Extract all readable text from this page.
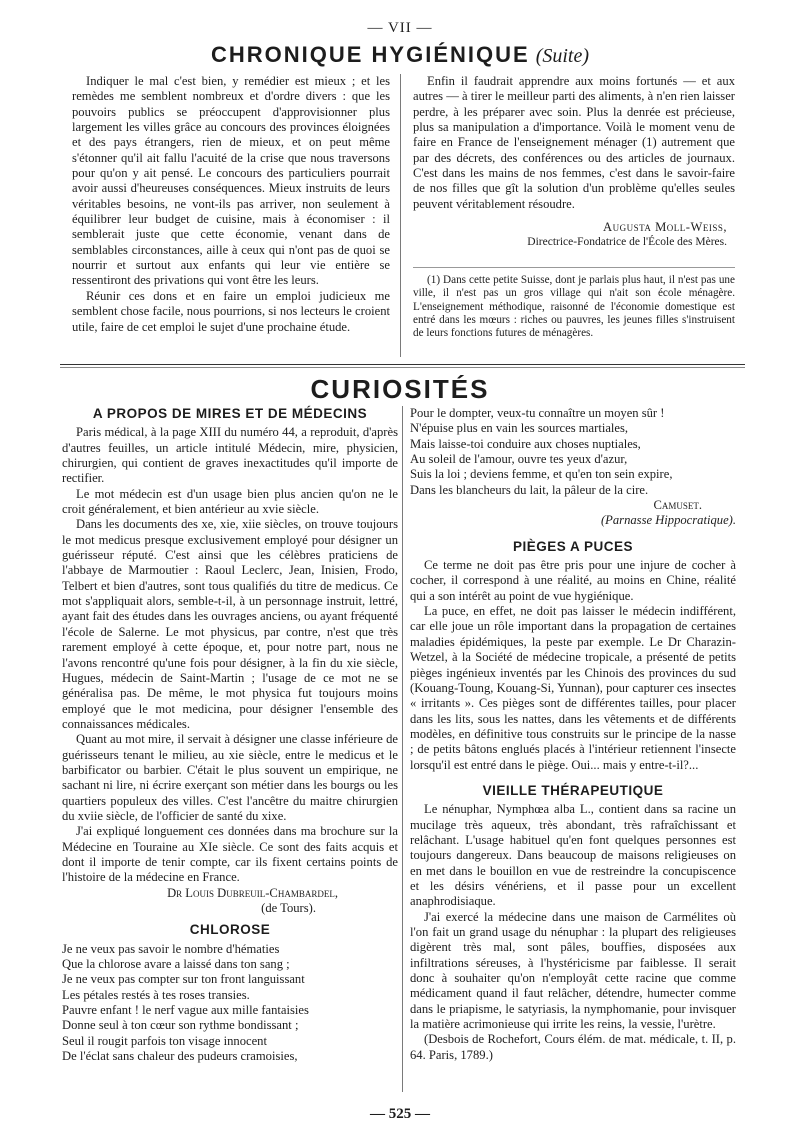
— VII —
CHRONIQUE HYGIÉNIQUE (Suite)

Indiquer le mal c'est bien, y remédier est mieux ; et les remèdes me semblent nombreux et d'ordre divers : que les pouvoirs publics se préoccupent d'approvisionner plus largement les villes grâce au concours des provinces éloignées et des pays étrangers, rien de mieux, et on peut même s'étonner qu'il ait fallu l'acuité de la crise que nous traversons pour qu'on y ait pensé. Le concours des particuliers pourrait avoir aussi d'heureuses conséquences. Mieux instruits de leurs véritables besoins, ne vont-ils pas arriver, non seulement à équilibrer leur budget de cuisine, mais à économiser : il semblerait juste que cette économie, venant dans de semblables circonstances, aille à ceux qui n'ont pas de quoi se nourrir et surtout aux enfants qui leur vie entière se ressentiront des privations qui vont être les leurs.

Réunir ces dons et en faire un emploi judicieux me semblent chose facile, nous pourrions, si nos lecteurs le croient utile, faire de cet emploi le sujet d'une prochaine étude.

Enfin il faudrait apprendre aux moins fortunés — et aux autres — à tirer le meilleur parti des aliments, à n'en rien laisser perdre, à les préparer avec soin. Plus la denrée est précieuse, plus sa manipulation a d'importance. Voilà le moment venu de faire en France de l'enseignement ménager (1) autrement que par des décrets, des conférences ou des articles de journaux. C'est dans les mains de nos femmes, c'est dans le savoir-faire de nos filles que gît la solution d'un problème qu'elles seules peuvent véritablement résoudre.

Augusta Moll-Weiss,
Directrice-Fondatrice de l'École des Mères.

(1) Dans cette petite Suisse, dont je parlais plus haut, il n'est pas une ville, il n'est pas un gros village qui n'ait son école ménagère. L'enseignement méthodique, raisonné de l'économie domestique est entré dans les mœurs : riches ou pauvres, les jeunes filles s'instruisent de leurs fonctions futures de ménagères.

CURIOSITÉS
A PROPOS DE MIRES ET DE MÉDECINS

Paris médical, à la page XIII du numéro 44, a reproduit, d'après d'autres feuilles, un article intitulé Médecin, mire, physicien, chirurgien, qui contient de graves inexactitudes qu'il importe de rectifier.

Le mot médecin est d'un usage bien plus ancien qu'on ne le croit généralement, et bien antérieur au xvie siècle.

Dans les documents des xe, xie, xiie siècles, on trouve toujours le mot medicus presque exclusivement employé pour désigner un guérisseur réputé. C'est ainsi que les célèbres praticiens de l'abbaye de Marmoutier : Raoul Leclerc, Jean, Inisien, Frodo, Telbert et bien d'autres, sont tous qualifiés du titre de medicus. Ce mot s'appliquait alors, semble-t-il, à un personnage instruit, lettré, ayant fait des études dans les ouvrages anciens, ou ayant fréquenté l'école de Salerne. Le mot physicus, par contre, n'est que très rarement employé à cette époque, et, pour notre part, nous ne l'avons rencontré qu'une fois pour désigner, à la fin du xie siècle, Hugues, médecin de Saint-Martin ; l'usage de ce mot ne se généralisa pas. De même, le mot physica fut toujours moins employé que le mot medicina, pour désigner l'ensemble des connaissances médicales.

Quant au mot mire, il servait à désigner une classe inférieure de guérisseurs tenant le milieu, au xie siècle, entre le medicus et le barbificator ou barbier. C'était le plus souvent un empirique, ne sachant ni lire, ni écrire exerçant son métier dans les bourgs ou les quartiers populeux des villes. C'est l'ancêtre du maitre chirurgien du xviie siècle, de l'officier de santé du xixe.

J'ai expliqué longuement ces données dans ma brochure sur la Médecine en Touraine au XIe siècle. Ce sont des faits acquis et dont il importe de tenir compte, car ils fixent certains points de l'histoire de la médecine en France.

Dr Louis Dubreuil-Chambardel,

(de Tours).

CHLOROSE

Je ne veux pas savoir le nombre d'hématies

Que la chlorose avare a laissé dans ton sang ;

Je ne veux pas compter sur ton front languissant

Les pétales restés à tes roses transies.

Pauvre enfant ! le nerf vague aux mille fantaisies

Donne seul à ton cœur son rythme bondissant ;

Seul il rougit parfois ton visage innocent

De l'éclat sans chaleur des pudeurs cramoisies,

Pour le dompter, veux-tu connaître un moyen sûr !

N'épuise plus en vain les sources martiales,

Mais laisse-toi conduire aux choses nuptiales,

Au soleil de l'amour, ouvre tes yeux d'azur,

Suis la loi ; deviens femme, et qu'en ton sein expire,

Dans les blancheurs du lait, la pâleur de la cire.

Camuset.

(Parnasse Hippocratique).

PIÈGES A PUCES

Ce terme ne doit pas être pris pour une injure de cocher à cocher, il correspond à une réalité, au moins en Chine, réalité qui a son intérêt au point de vue hygiénique.

La puce, en effet, ne doit pas laisser le médecin indifférent, car elle joue un rôle important dans la propagation de certaines maladies épidémiques, la peste par exemple. Le Dr Charazin-Wetzel, à la Société de médecine tropicale, a présenté de petits pièges ingénieux inventés par les Chinois des provinces du sud (Kouang-Toung, Kouang-Si, Yunnan), pour capturer ces insectes « irritants ». Ces pièges sont de différentes tailles, pour placer dans les lits, sous les nattes, dans les vêtements et de différents modèles, en définitive tous construits sur le principe de la nasse ; de petits bâtons englués placés à l'intérieur retiennent l'insecte lorsqu'il est entré dans le piège. Oui... mais y entre-t-il?...

VIEILLE THÉRAPEUTIQUE

Le nénuphar, Nymphœa alba L., contient dans sa racine un mucilage très aqueux, très abondant, très rafraîchissant et relâchant. L'usage habituel qu'en font quelques personnes est toujours dangereux. Dans beaucoup de maisons religieuses on en met dans le bouillon en vue de restreindre la concupiscence et les désirs vénériens, et il passe pour un excellent anaphrodisiaque.

J'ai exercé la médecine dans une maison de Carmélites où l'on fait un grand usage du nénuphar : la plupart des religieuses digèrent très mal, sont pâles, bouffies, disposées aux infiltrations séreuses, à l'hystéricisme par faiblesse. Il serait donc à souhaiter qu'on n'employât cette racine que comme médicament quand il faut relâcher, détendre, humecter comme dans le priapisme, le satyriasis, la nymphomanie, pour invisquer la matière acrimonieuse qui irrite les reins, la vessie, l'urètre.

(Desbois de Rochefort, Cours élém. de mat. médicale, t. II, p. 64. Paris, 1789.)

— 525 —
